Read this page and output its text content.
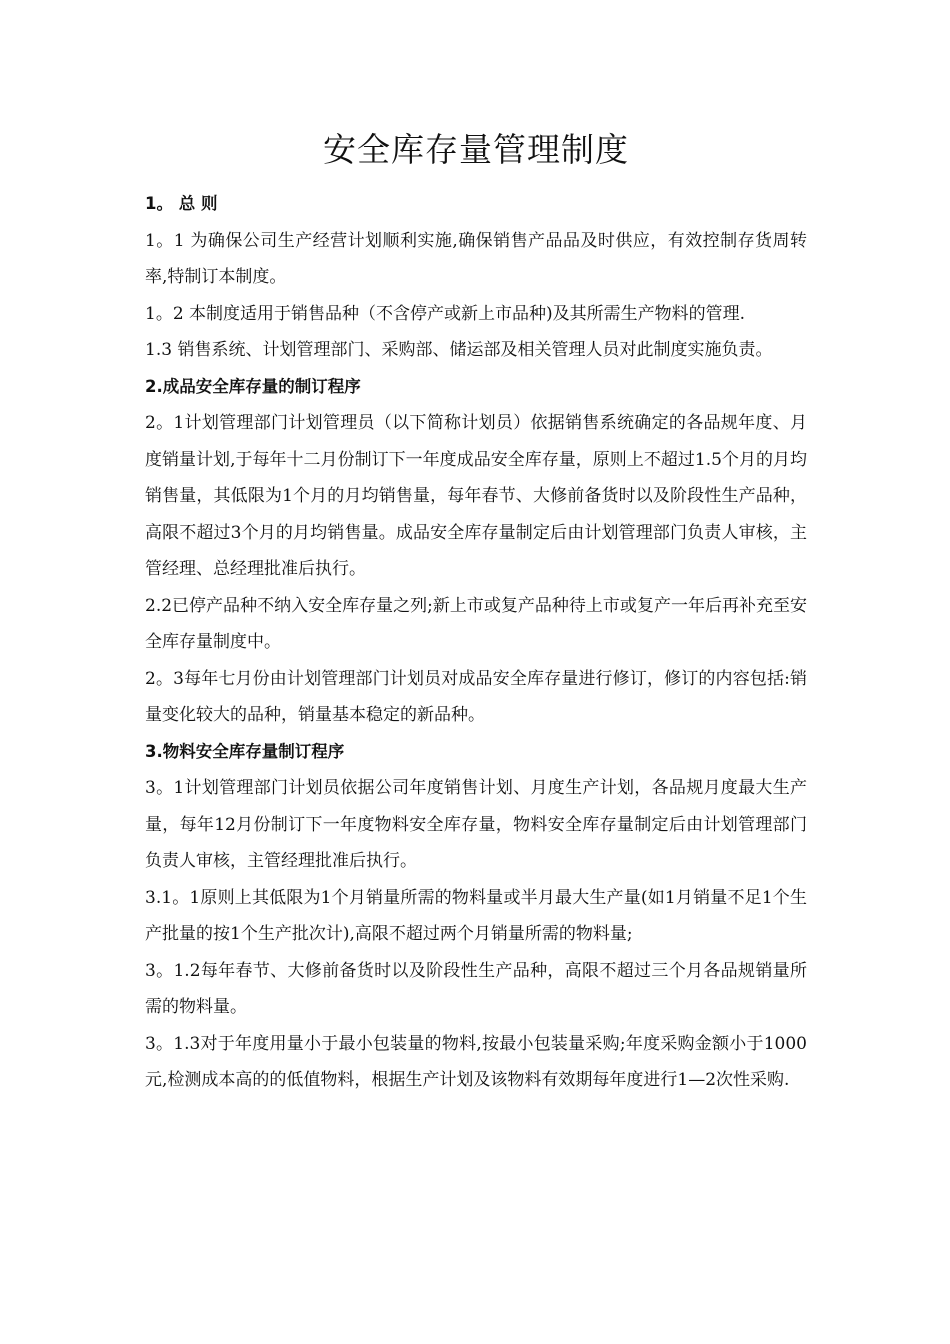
安全库存量管理制度

1。 总 则

1。1 为确保公司生产经营计划顺利实施,确保销售产品品及时供应，有效控制存货周转率,特制订本制度。

1。2 本制度适用于销售品种（不含停产或新上市品种)及其所需生产物料的管理.

1.3 销售系统、计划管理部门、采购部、储运部及相关管理人员对此制度实施负责。

2.成品安全库存量的制订程序

2。1计划管理部门计划管理员（以下简称计划员）依据销售系统确定的各品规年度、月度销量计划,于每年十二月份制订下一年度成品安全库存量，原则上不超过1.5个月的月均销售量，其低限为1个月的月均销售量，每年春节、大修前备货时以及阶段性生产品种，高限不超过3个月的月均销售量。成品安全库存量制定后由计划管理部门负责人审核，主管经理、总经理批准后执行。

2.2已停产品种不纳入安全库存量之列;新上市或复产品种待上市或复产一年后再补充至安全库存量制度中。

2。3每年七月份由计划管理部门计划员对成品安全库存量进行修订，修订的内容包括:销量变化较大的品种，销量基本稳定的新品种。

3.物料安全库存量制订程序

3。1计划管理部门计划员依据公司年度销售计划、月度生产计划，各品规月度最大生产量，每年12月份制订下一年度物料安全库存量，物料安全库存量制定后由计划管理部门负责人审核，主管经理批准后执行。

3.1。1原则上其低限为1个月销量所需的物料量或半月最大生产量(如1月销量不足1个生产批量的按1个生产批次计),高限不超过两个月销量所需的物料量;

3。1.2每年春节、大修前备货时以及阶段性生产品种，高限不超过三个月各品规销量所需的物料量。

3。1.3对于年度用量小于最小包装量的物料,按最小包装量采购;年度采购金额小于1000元,检测成本高的的低值物料，根据生产计划及该物料有效期每年度进行1—2次性采购.
